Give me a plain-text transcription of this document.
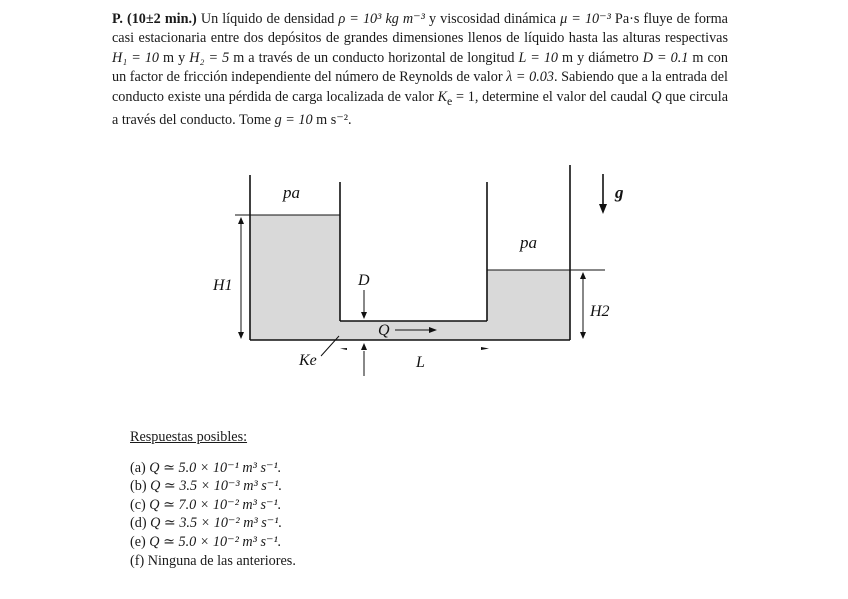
P. (10±2 min.) Un líquido de densidad ρ = 10³ kg m⁻³ y viscosidad dinámica μ = 10⁻³ Pa·s fluye de forma casi estacionaria entre dos depósitos de grandes dimensiones llenos de líquido hasta las alturas respectivas H₁ = 10 m y H₂ = 5 m a través de un conducto horizontal de longitud L = 10 m y diámetro D = 0.1 m con un factor de fricción independiente del número de Reynolds de valor λ = 0.03. Sabiendo que a la entrada del conducto existe una pérdida de carga localizada de valor $K_e = 1$, determine el valor del caudal Q que circula a través del conducto. Tome g = 10 m s⁻².
H1
H2
pa
pa
g
D
Q
Ke	L
Respuestas posibles:
(a) Q ≃ 5.0 × 10⁻¹ m³ s⁻¹.
(b) Q ≃ 3.5 × 10⁻³ m³ s⁻¹.
(c) Q ≃ 7.0 × 10⁻² m³ s⁻¹.
(d) Q ≃ 3.5 × 10⁻² m³ s⁻¹.
(e) Q ≃ 5.0 × 10⁻² m³ s⁻¹.
(f) Ninguna de las anteriores.
